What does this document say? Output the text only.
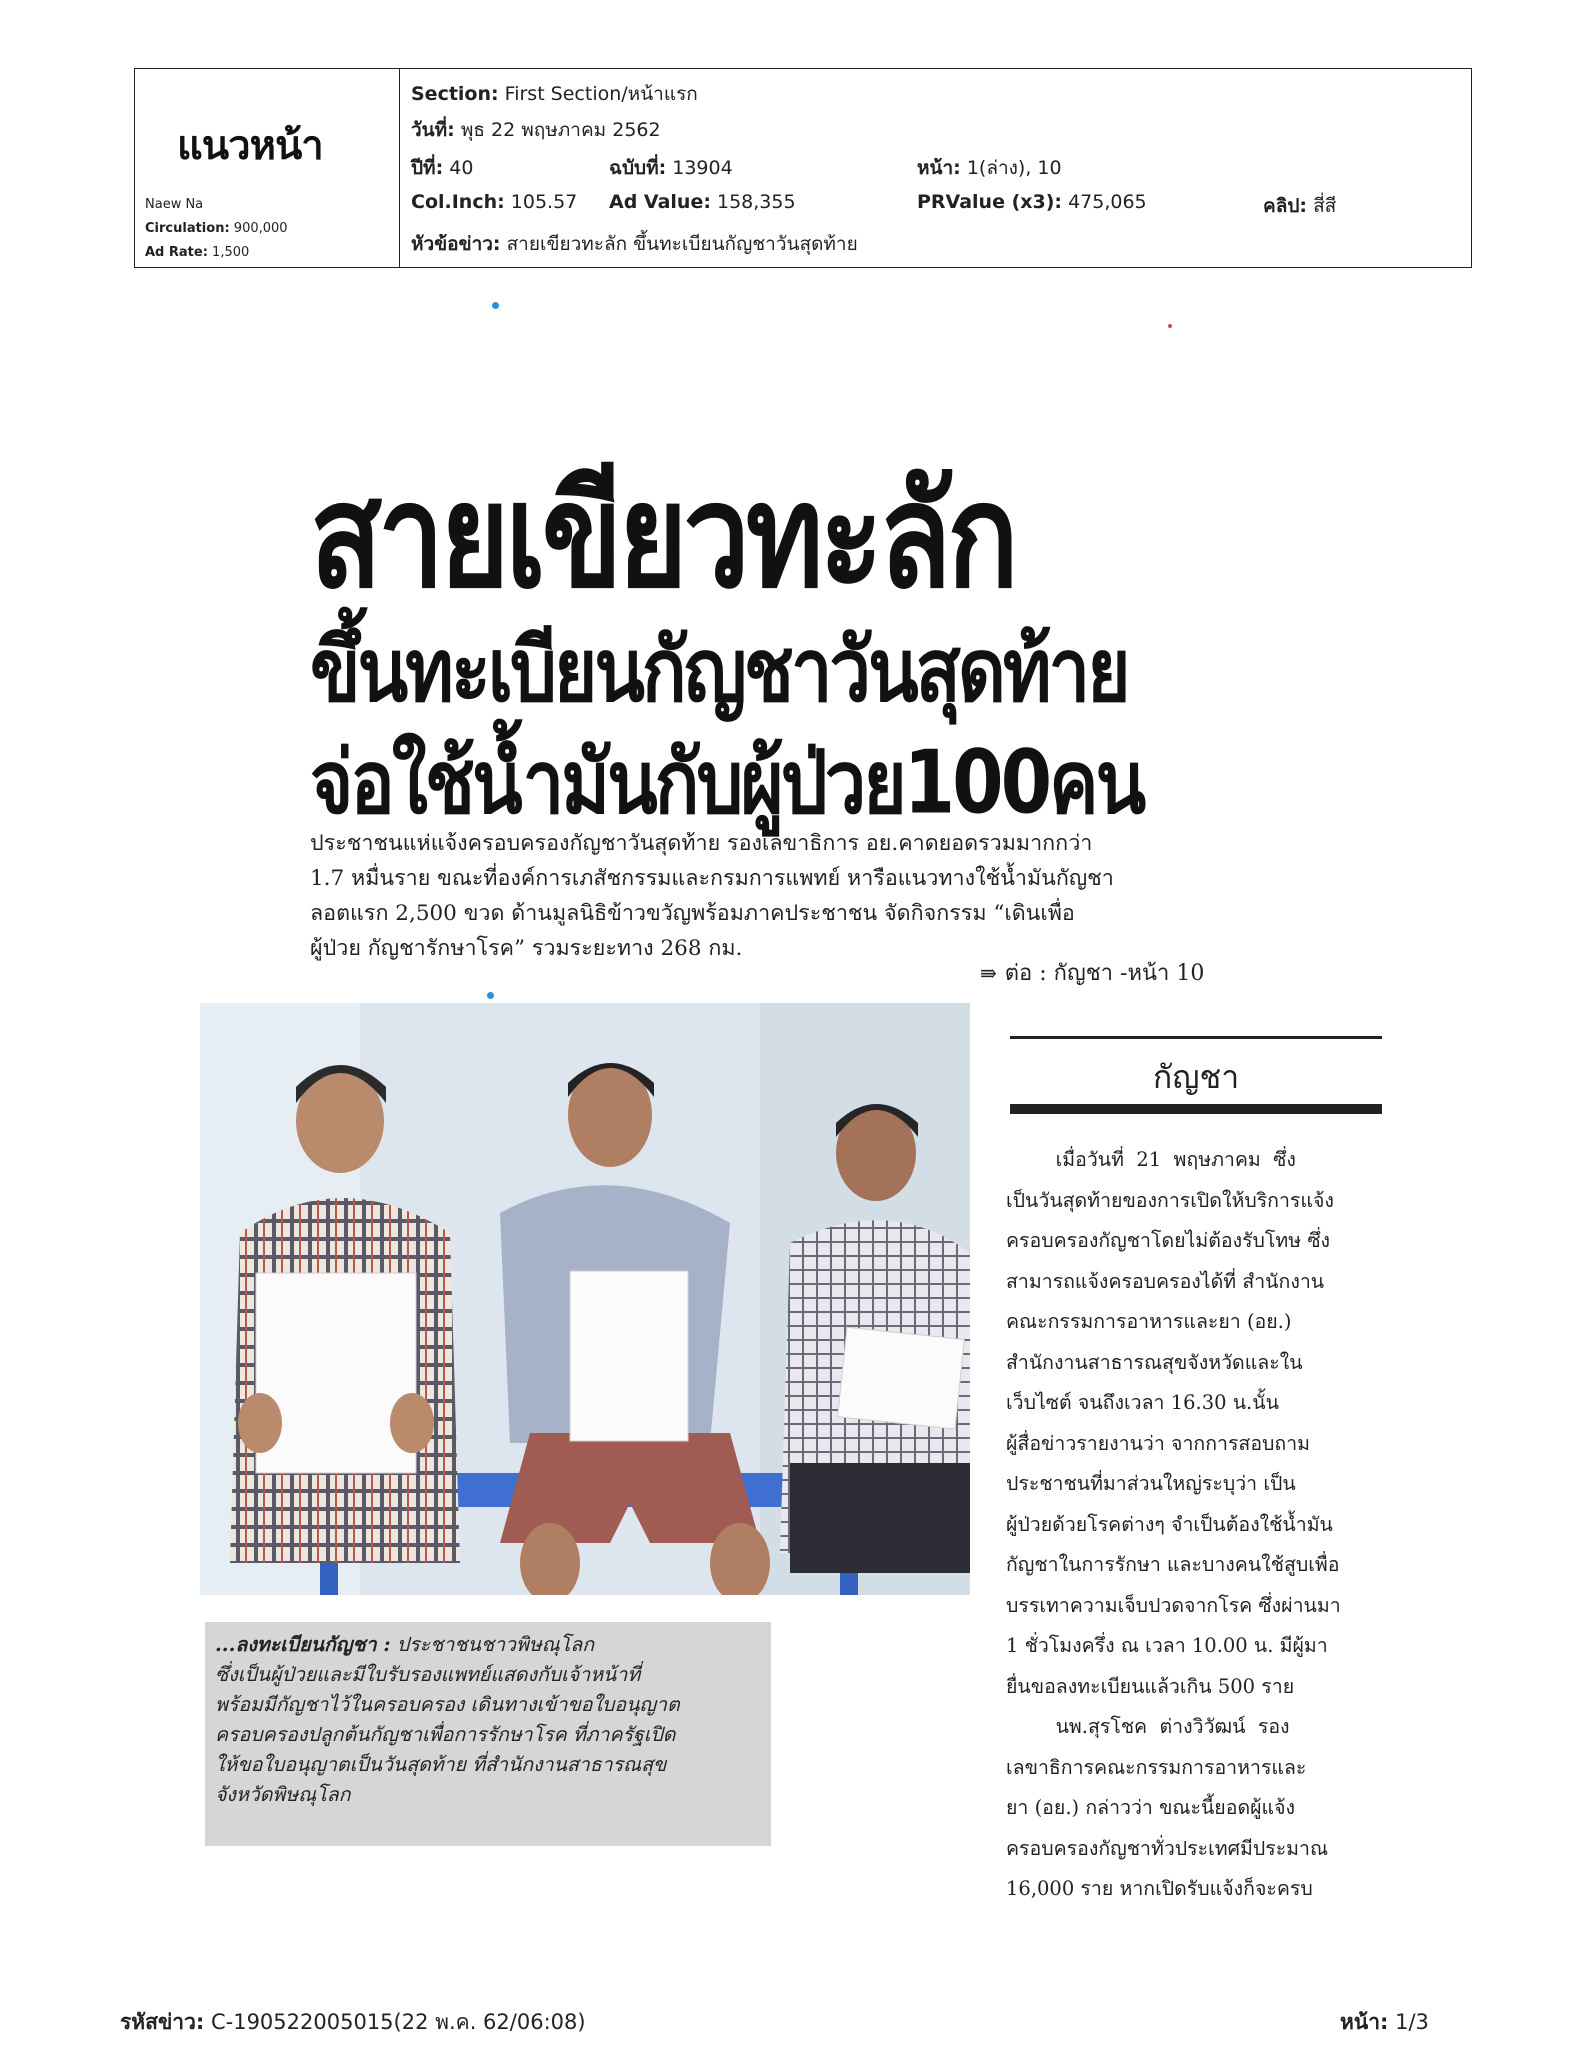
แนวหน้า
Naew Na
Circulation: 900,000
Ad Rate: 1,500
Section: First Section/หน้าแรก
วันที่: พุธ 22 พฤษภาคม 2562
ปีที่: 40	ฉบับที่: 13904	หน้า: 1(ล่าง), 10
Col.Inch: 105.57 Ad Value: 158,355	PRValue (x3): 475,065	คลิป: สี่สี
หัวข้อข่าว: สายเขียวทะลัก ขึ้นทะเบียนกัญชาวันสุดท้าย
สายเขียวทะลัก
ขึ้นทะเบียนกัญชาวันสุดท้าย
จ่อใช้น้ำมันกับผู้ป่วย100คน
ประชาชนแห่แจ้งครอบครองกัญชาวันสุดท้าย รองเลขาธิการ อย.คาดยอดรวมมากกว่า
1.7 หมื่นราย ขณะที่องค์การเภสัชกรรมและกรมการแพทย์ หารือแนวทางใช้น้ำมันกัญชา
ลอตแรก 2,500 ขวด ด้านมูลนิธิข้าวขวัญพร้อมภาคประชาชน จัดกิจกรรม “เดินเพื่อ
ผู้ป่วย กัญชารักษาโรค” รวมระยะทาง 268 กม.
⇛ ต่อ : กัญชา -หน้า 10
...ลงทะเบียนกัญชา : ประชาชนชาวพิษณุโลก
ซึ่งเป็นผู้ป่วยและมีใบรับรองแพทย์แสดงกับเจ้าหน้าที่
พร้อมมีกัญชาไว้ในครอบครอง เดินทางเข้าขอใบอนุญาต
ครอบครองปลูกต้นกัญชาเพื่อการรักษาโรค ที่ภาครัฐเปิด
ให้ขอใบอนุญาตเป็นวันสุดท้าย ที่สำนักงานสาธารณสุข
จังหวัดพิษณุโลก
กัญชา
เมื่อวันที่  21  พฤษภาคม  ซึ่ง
เป็นวันสุดท้ายของการเปิดให้บริการแจ้ง
ครอบครองกัญชาโดยไม่ต้องรับโทษ ซึ่ง
สามารถแจ้งครอบครองได้ที่ สำนักงาน
คณะกรรมการอาหารและยา (อย.)
สำนักงานสาธารณสุขจังหวัดและใน
เว็บไซต์ จนถึงเวลา 16.30 น.นั้น
ผู้สื่อข่าวรายงานว่า จากการสอบถาม
ประชาชนที่มาส่วนใหญ่ระบุว่า เป็น
ผู้ป่วยด้วยโรคต่างๆ จำเป็นต้องใช้น้ำมัน
กัญชาในการรักษา และบางคนใช้สูบเพื่อ
บรรเทาความเจ็บปวดจากโรค ซึ่งผ่านมา
1 ชั่วโมงครึ่ง ณ เวลา 10.00 น. มีผู้มา
ยื่นขอลงทะเบียนแล้วเกิน 500 ราย
นพ.สุรโชค  ต่างวิวัฒน์  รอง
เลขาธิการคณะกรรมการอาหารและ
ยา (อย.) กล่าวว่า ขณะนี้ยอดผู้แจ้ง
ครอบครองกัญชาทั่วประเทศมีประมาณ
16,000 ราย หากเปิดรับแจ้งก็จะครบ
รหัสข่าว: C-190522005015(22 พ.ค. 62/06:08)	หน้า: 1/3
